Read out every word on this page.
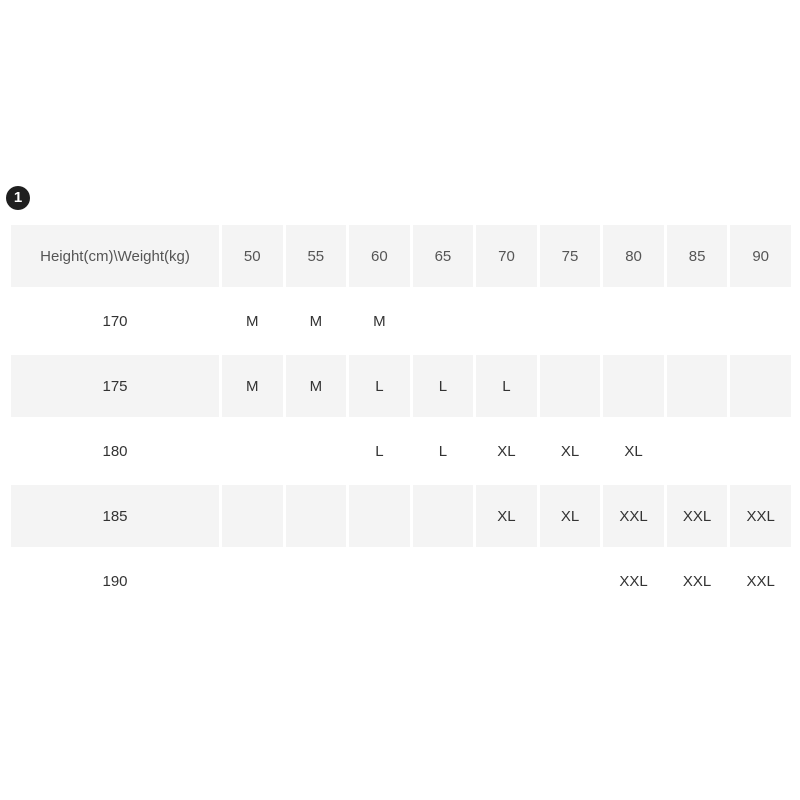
1
Height(cm)\Weight(kg)	50	55	60	65	70	75	80	85	90
170	M	M	M						
175	M	M	L	L	L				
180			L	L	XL	XL	XL		
185					XL	XL	XXL	XXL	XXL
190							XXL	XXL	XXL
